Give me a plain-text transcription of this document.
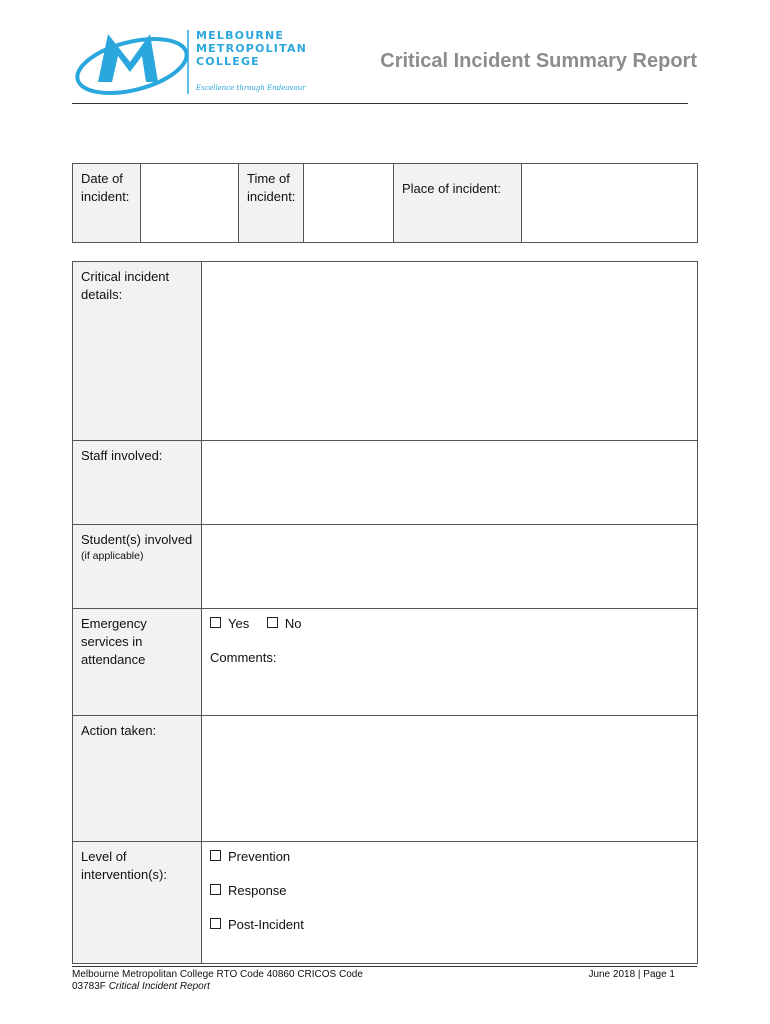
MELBOURNE
METROPOLITAN
COLLEGE
Excellence through Endeavour
Critical Incident Summary Report
Date of incident:		Time of incident:		Place of incident:	
Critical incident details:	
Staff involved:	

Student(s) involved
(if applicable)	

Emergency services in attendance	Yes No
Comments:

Action taken:	
Level of intervention(s):	Prevention
Response
Post-Incident
Melbourne Metropolitan College RTO Code 40860 CRICOS Code
03783F Critical Incident Report
June 2018 | Page 1
